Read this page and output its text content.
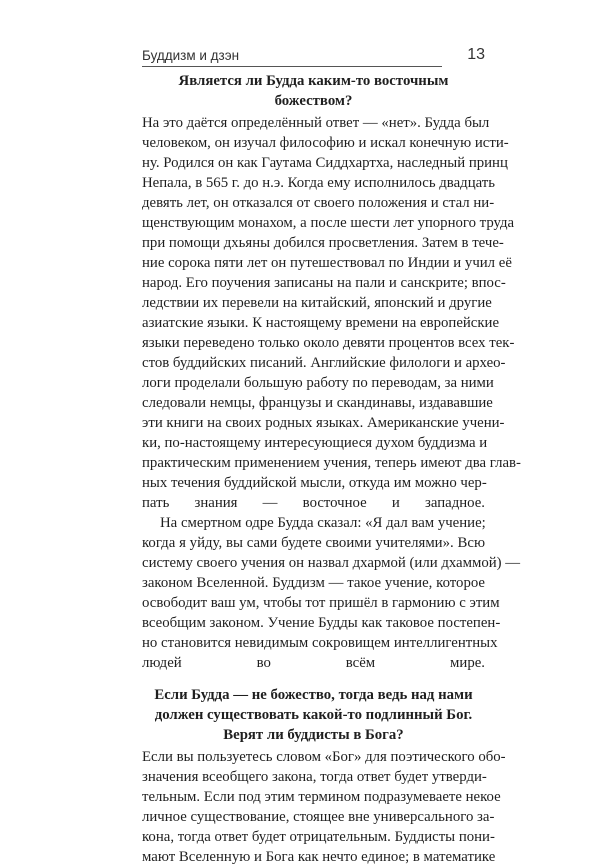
Буддизм и дзэн	13
Является ли Будда каким-то восточным божеством?

На это даётся определённый ответ — «нет». Будда был
человеком, он изучал философию и искал конечную исти-
ну. Родился он как Гаутама Сиддхартха, наследный принц
Непала, в 565 г. до н.э. Когда ему исполнилось двадцать
девять лет, он отказался от своего положения и стал ни-
щенствующим монахом, а после шести лет упорного труда
при помощи дхьяны добился просветления. Затем в тече-
ние сорока пяти лет он путешествовал по Индии и учил её
народ. Его поучения записаны на пали и санскрите; впос-
ледствии их перевели на китайский, японский и другие
азиатские языки. К настоящему времени на европейские
языки переведено только около девяти процентов всех тек-
стов буддийских писаний. Английские филологи и архео-
логи проделали большую работу по переводам, за ними
следовали немцы, французы и скандинавы, издававшие
эти книги на своих родных языках. Американские учени-
ки, по-настоящему интересующиеся духом буддизма и
практическим применением учения, теперь имеют два глав-
ных течения буддийской мысли, откуда им можно чер-
пать знания — восточное и западное.

На смертном одре Будда сказал: «Я дал вам учение;
когда я уйду, вы сами будете своими учителями». Всю
систему своего учения он назвал дхармой (или дхаммой) —
законом Вселенной. Буддизм — такое учение, которое
освободит ваш ум, чтобы тот пришёл в гармонию с этим
всеобщим законом. Учение Будды как таковое постепен-
но становится невидимым сокровищем интеллигентных
людей во всём мире.

Если Будда — не божество, тогда ведь над нами
должен существовать какой-то подлинный Бог.
Верят ли буддисты в Бога?

Если вы пользуетесь словом «Бог» для поэтического обо-
значения всеобщего закона, тогда ответ будет утверди-
тельным. Если под этим термином подразумеваете некое
личное существование, стоящее вне универсального за-
кона, тогда ответ будет отрицательным. Буддисты пони-
мают Вселенную и Бога как нечто единое; в математике
